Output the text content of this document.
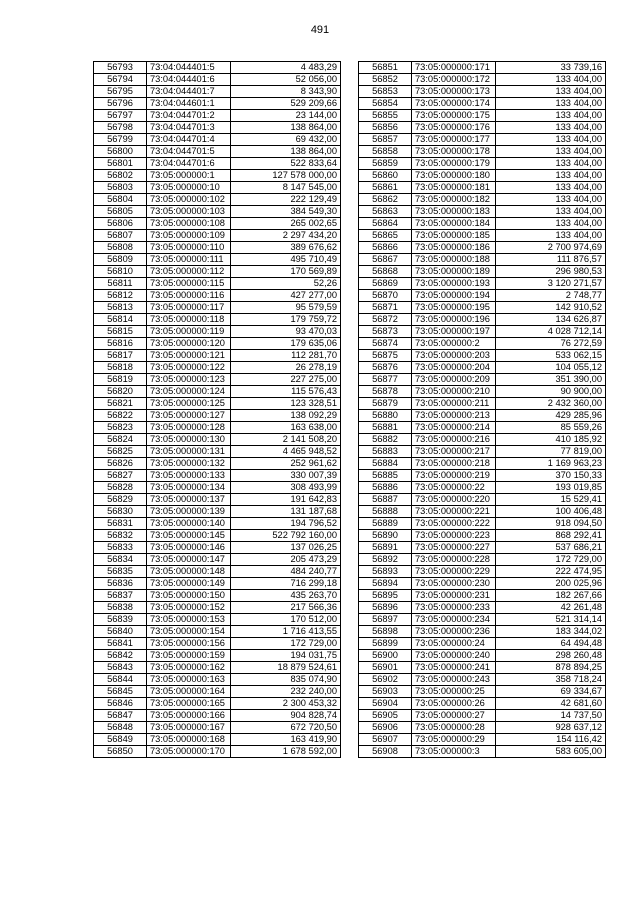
491
56793	73:04:044401:5	4 483,29
56794	73:04:044401:6	52 056,00
56795	73:04:044401:7	8 343,90
56796	73:04:044601:1	529 209,66
56797	73:04:044701:2	23 144,00
56798	73:04:044701:3	138 864,00
56799	73:04:044701:4	69 432,00
56800	73:04:044701:5	138 864,00
56801	73:04:044701:6	522 833,64
56802	73:05:000000:1	127 578 000,00
56803	73:05:000000:10	8 147 545,00
56804	73:05:000000:102	222 129,49
56805	73:05:000000:103	384 549,30
56806	73:05:000000:108	265 002,65
56807	73:05:000000:109	2 297 434,20
56808	73:05:000000:110	389 676,62
56809	73:05:000000:111	495 710,49
56810	73:05:000000:112	170 569,89
56811	73:05:000000:115	52,26
56812	73:05:000000:116	427 277,00
56813	73:05:000000:117	95 579,59
56814	73:05:000000:118	179 759,72
56815	73:05:000000:119	93 470,03
56816	73:05:000000:120	179 635,06
56817	73:05:000000:121	112 281,70
56818	73:05:000000:122	26 278,19
56819	73:05:000000:123	227 275,00
56820	73:05:000000:124	115 576,43
56821	73:05:000000:125	123 328,51
56822	73:05:000000:127	138 092,29
56823	73:05:000000:128	163 638,00
56824	73:05:000000:130	2 141 508,20
56825	73:05:000000:131	4 465 948,52
56826	73:05:000000:132	252 961,62
56827	73:05:000000:133	330 007,39
56828	73:05:000000:134	308 493,99
56829	73:05:000000:137	191 642,83
56830	73:05:000000:139	131 187,68
56831	73:05:000000:140	194 796,52
56832	73:05:000000:145	522 792 160,00
56833	73:05:000000:146	137 026,25
56834	73:05:000000:147	205 473,29
56835	73:05:000000:148	484 240,77
56836	73:05:000000:149	716 299,18
56837	73:05:000000:150	435 263,70
56838	73:05:000000:152	217 566,36
56839	73:05:000000:153	170 512,00
56840	73:05:000000:154	1 716 413,55
56841	73:05:000000:156	172 729,00
56842	73:05:000000:159	194 031,75
56843	73:05:000000:162	18 879 524,61
56844	73:05:000000:163	835 074,90
56845	73:05:000000:164	232 240,00
56846	73:05:000000:165	2 300 453,32
56847	73:05:000000:166	904 828,74
56848	73:05:000000:167	672 720,50
56849	73:05:000000:168	163 419,90
56850	73:05:000000:170	1 678 592,00
56851	73:05:000000:171	33 739,16
56852	73:05:000000:172	133 404,00
56853	73:05:000000:173	133 404,00
56854	73:05:000000:174	133 404,00
56855	73:05:000000:175	133 404,00
56856	73:05:000000:176	133 404,00
56857	73:05:000000:177	133 404,00
56858	73:05:000000:178	133 404,00
56859	73:05:000000:179	133 404,00
56860	73:05:000000:180	133 404,00
56861	73:05:000000:181	133 404,00
56862	73:05:000000:182	133 404,00
56863	73:05:000000:183	133 404,00
56864	73:05:000000:184	133 404,00
56865	73:05:000000:185	133 404,00
56866	73:05:000000:186	2 700 974,69
56867	73:05:000000:188	111 876,57
56868	73:05:000000:189	296 980,53
56869	73:05:000000:193	3 120 271,57
56870	73:05:000000:194	2 748,77
56871	73:05:000000:195	142 910,52
56872	73:05:000000:196	134 626,87
56873	73:05:000000:197	4 028 712,14
56874	73:05:000000:2	76 272,59
56875	73:05:000000:203	533 062,15
56876	73:05:000000:204	104 055,12
56877	73:05:000000:209	351 390,00
56878	73:05:000000:210	90 900,00
56879	73:05:000000:211	2 432 360,00
56880	73:05:000000:213	429 285,96
56881	73:05:000000:214	85 559,26
56882	73:05:000000:216	410 185,92
56883	73:05:000000:217	77 819,00
56884	73:05:000000:218	1 169 963,23
56885	73:05:000000:219	370 150,33
56886	73:05:000000:22	193 019,85
56887	73:05:000000:220	15 529,41
56888	73:05:000000:221	100 406,48
56889	73:05:000000:222	918 094,50
56890	73:05:000000:223	868 292,41
56891	73:05:000000:227	537 686,21
56892	73:05:000000:228	172 729,00
56893	73:05:000000:229	222 474,95
56894	73:05:000000:230	200 025,96
56895	73:05:000000:231	182 267,66
56896	73:05:000000:233	42 261,48
56897	73:05:000000:234	521 314,14
56898	73:05:000000:236	183 344,02
56899	73:05:000000:24	64 494,48
56900	73:05:000000:240	298 260,48
56901	73:05:000000:241	878 894,25
56902	73:05:000000:243	358 718,24
56903	73:05:000000:25	69 334,67
56904	73:05:000000:26	42 681,60
56905	73:05:000000:27	14 737,50
56906	73:05:000000:28	928 637,12
56907	73:05:000000:29	154 116,42
56908	73:05:000000:3	583 605,00
